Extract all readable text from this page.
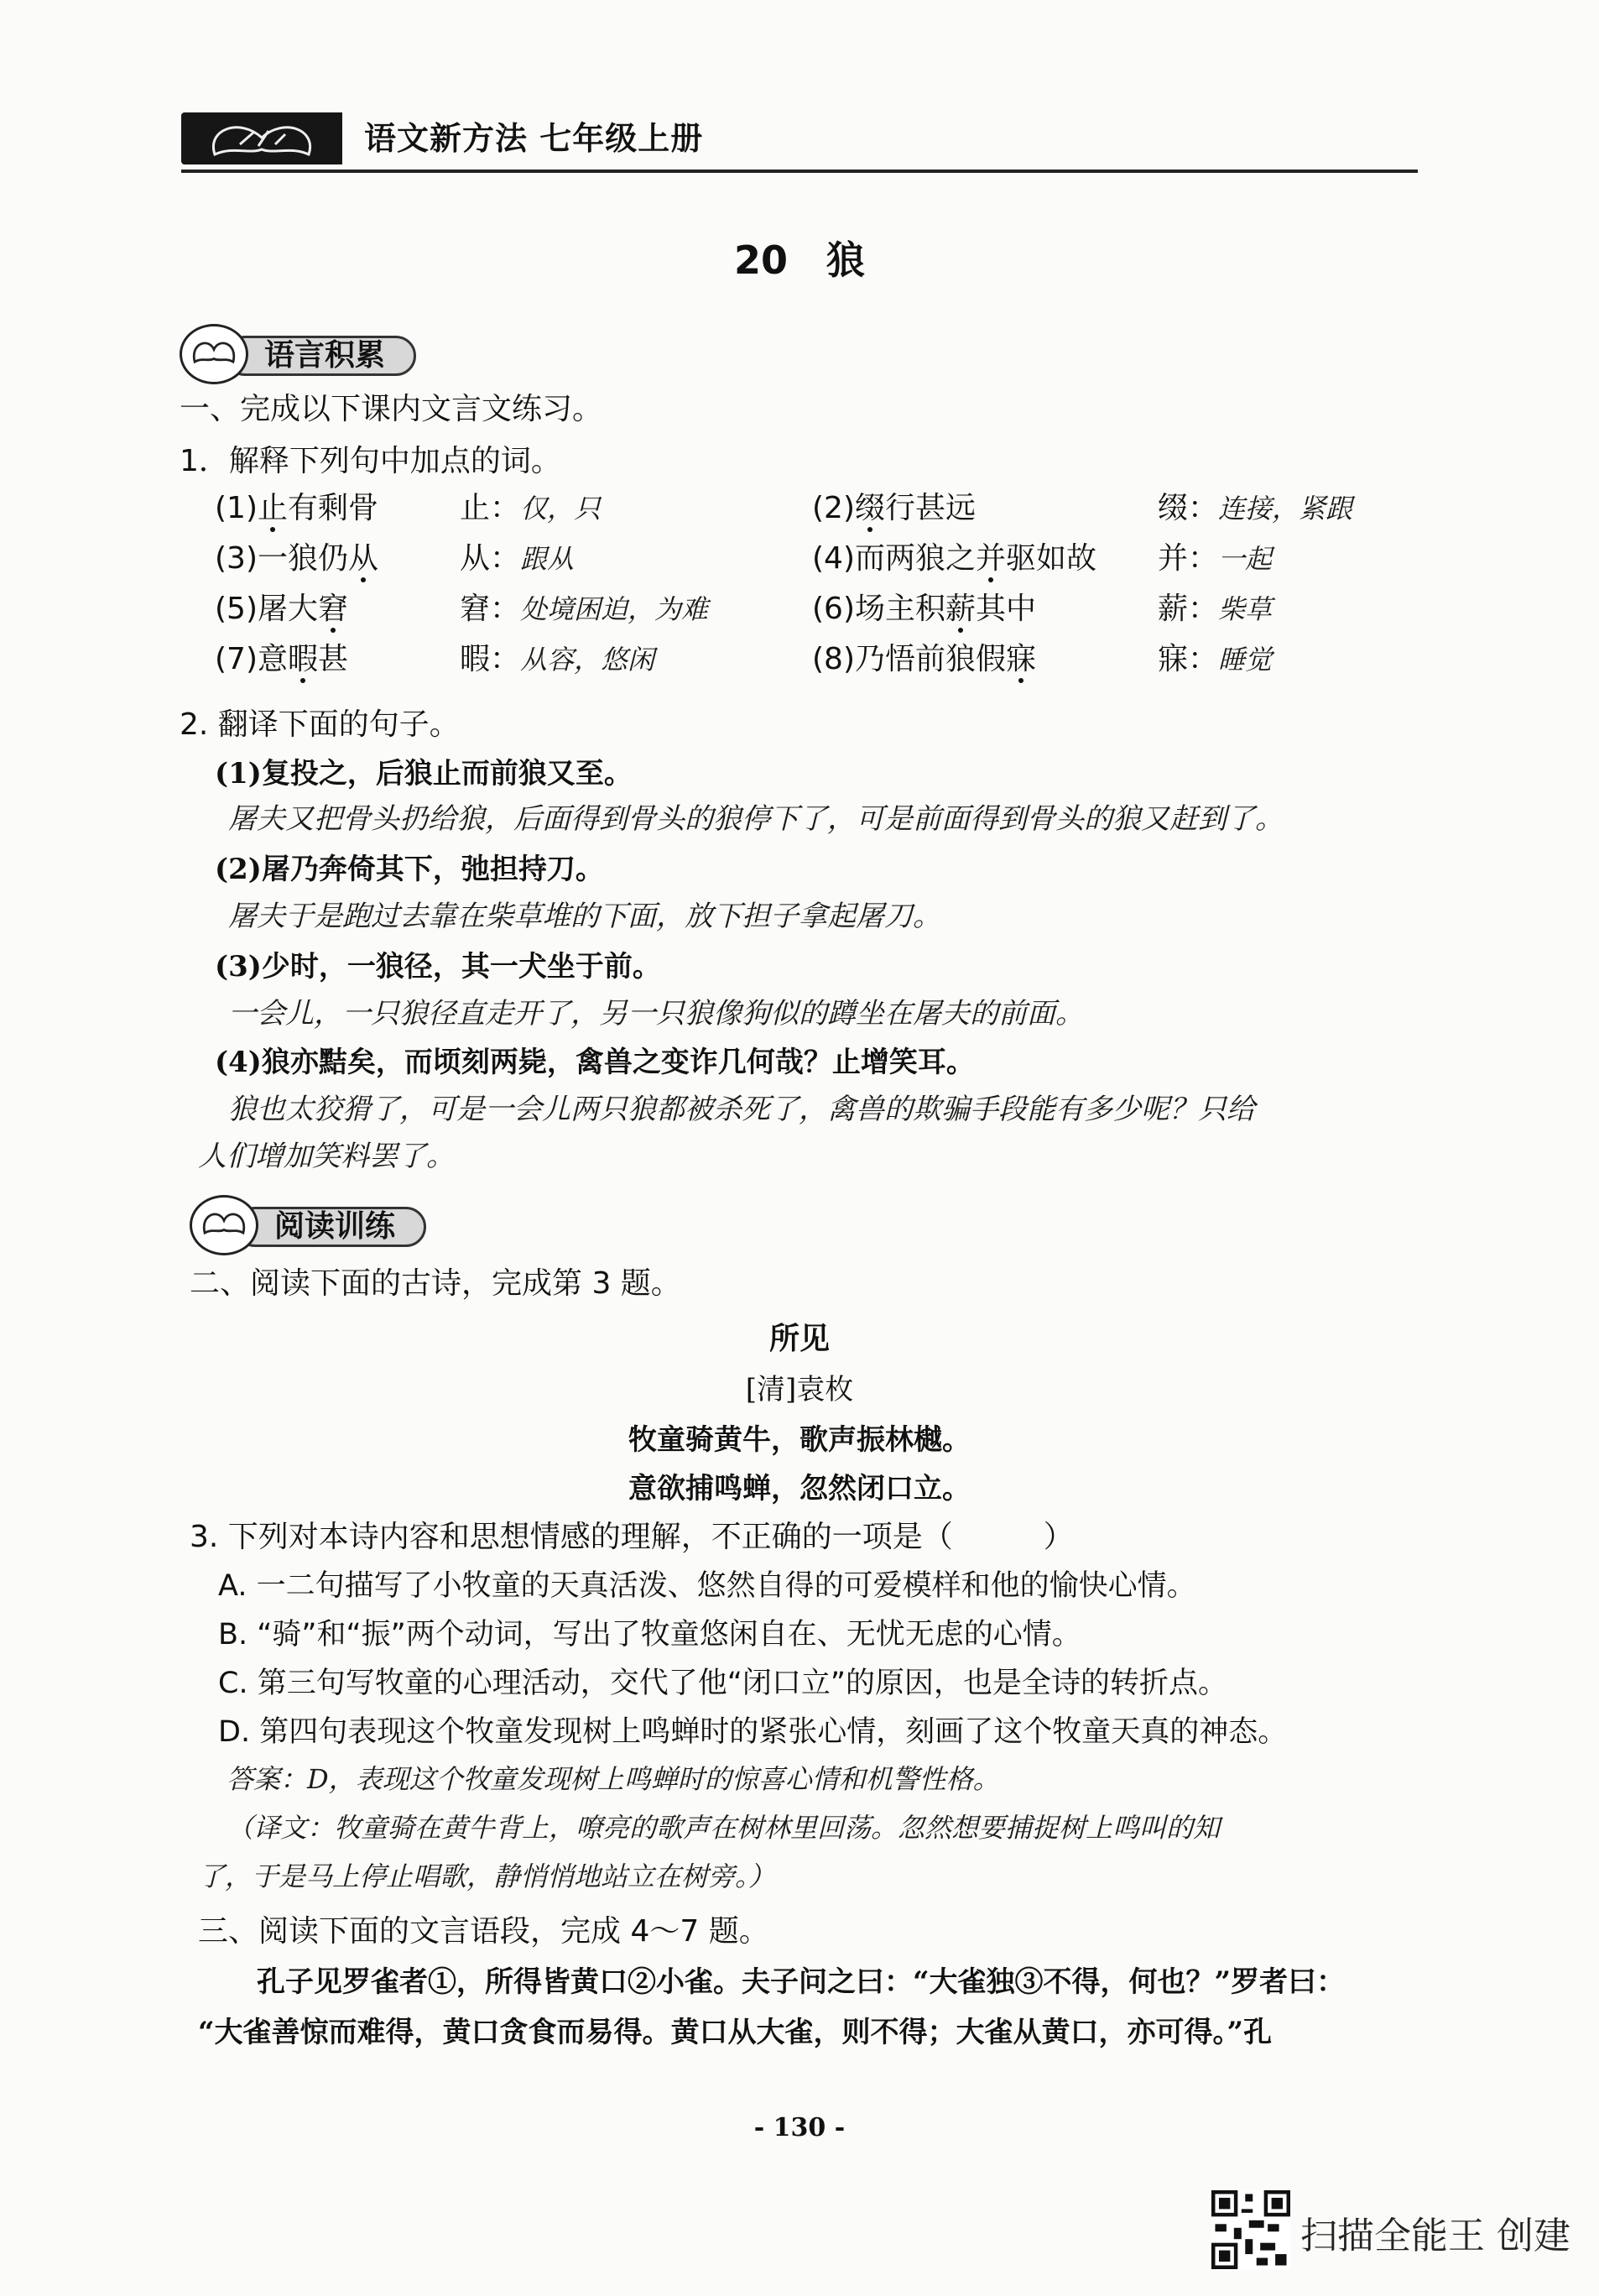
语文新方法 七年级上册
20 狼
语言积累
一、完成以下课内文言文练习。
1．解释下列句中加点的词。
(1)止有剩骨	止：仅，只	(2)缀行甚远	缀：连接，紧跟
(3)一狼仍从	从：跟从	(4)而两狼之并驱如故 并：一起
(5)屠大窘	窘：处境困迫，为难	(6)场主积薪其中	薪：柴草
(7)意暇甚	暇：从容，悠闲	(8)乃悟前狼假寐	寐：睡觉
2. 翻译下面的句子。
(1)复投之，后狼止而前狼又至。
屠夫又把骨头扔给狼，后面得到骨头的狼停下了，可是前面得到骨头的狼又赶到了。
(2)屠乃奔倚其下，弛担持刀。
屠夫于是跑过去靠在柴草堆的下面，放下担子拿起屠刀。
(3)少时，一狼径，其一犬坐于前。
一会儿，一只狼径直走开了，另一只狼像狗似的蹲坐在屠夫的前面。
(4)狼亦黠矣，而顷刻两毙，禽兽之变诈几何哉？止增笑耳。
狼也太狡猾了，可是一会儿两只狼都被杀死了，禽兽的欺骗手段能有多少呢？只给
人们增加笑料罢了。
阅读训练
二、阅读下面的古诗，完成第 3 题。
所见
[清]袁枚
牧童骑黄牛，歌声振林樾。
意欲捕鸣蝉，忽然闭口立。
3. 下列对本诗内容和思想情感的理解，不正确的一项是（　　　）
A. 一二句描写了小牧童的天真活泼、悠然自得的可爱模样和他的愉快心情。
B. “骑”和“振”两个动词，写出了牧童悠闲自在、无忧无虑的心情。
C. 第三句写牧童的心理活动，交代了他“闭口立”的原因，也是全诗的转折点。
D. 第四句表现这个牧童发现树上鸣蝉时的紧张心情，刻画了这个牧童天真的神态。
答案：D，表现这个牧童发现树上鸣蝉时的惊喜心情和机警性格。
（译文：牧童骑在黄牛背上，嘹亮的歌声在树林里回荡。忽然想要捕捉树上鸣叫的知
了，于是马上停止唱歌，静悄悄地站立在树旁。）
三、阅读下面的文言语段，完成 4～7 题。
孔子见罗雀者①，所得皆黄口②小雀。夫子问之曰：“大雀独③不得，何也？”罗者曰：
“大雀善惊而难得，黄口贪食而易得。黄口从大雀，则不得；大雀从黄口，亦可得。”孔
- 130 -
扫描全能王 创建
